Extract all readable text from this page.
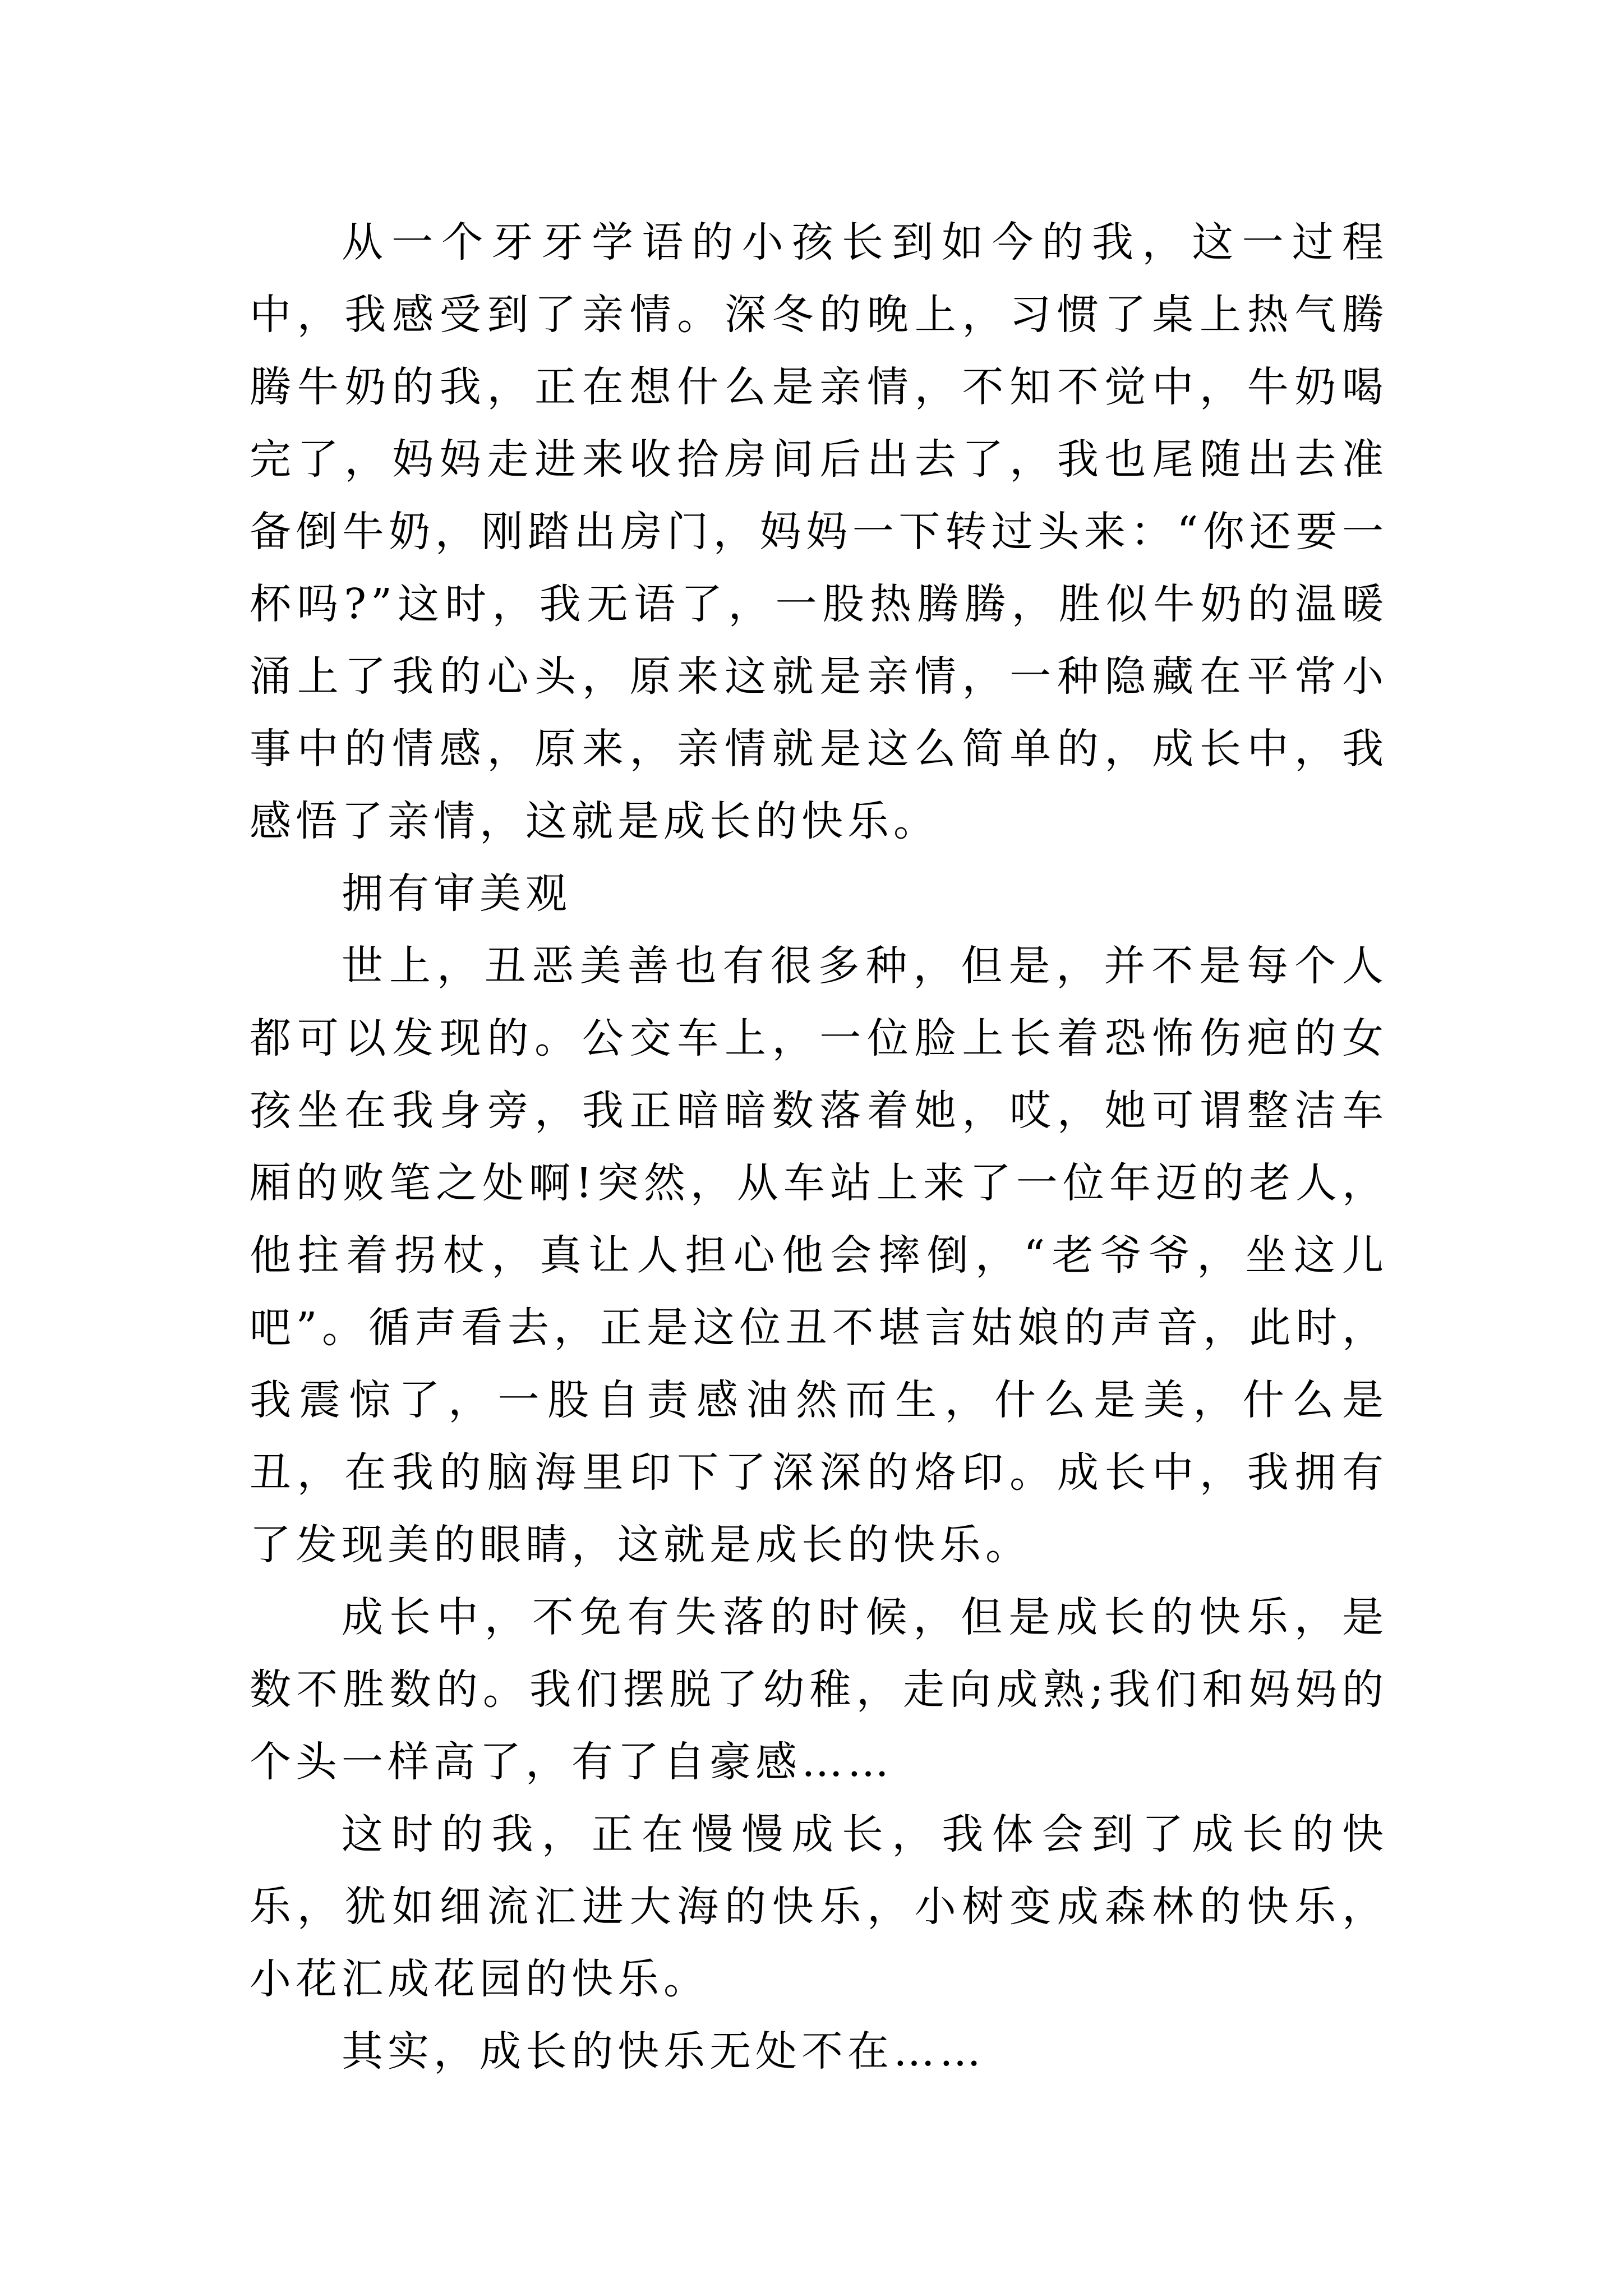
从一个牙牙学语的小孩长到如今的我，这一过程中，我感受到了亲情。深冬的晚上，习惯了桌上热气腾腾牛奶的我，正在想什么是亲情，不知不觉中，牛奶喝完了，妈妈走进来收拾房间后出去了，我也尾随出去准备倒牛奶，刚踏出房门，妈妈一下转过头来：“你还要一杯吗?”这时，我无语了，一股热腾腾，胜似牛奶的温暖涌上了我的心头，原来这就是亲情，一种隐藏在平常小事中的情感，原来，亲情就是这么简单的，成长中，我感悟了亲情，这就是成长的快乐。

拥有审美观

世上，丑恶美善也有很多种，但是，并不是每个人都可以发现的。公交车上，一位脸上长着恐怖伤疤的女孩坐在我身旁，我正暗暗数落着她，哎，她可谓整洁车厢的败笔之处啊!突然，从车站上来了一位年迈的老人，他拄着拐杖，真让人担心他会摔倒，“老爷爷，坐这儿吧”。循声看去，正是这位丑不堪言姑娘的声音，此时，我震惊了，一股自责感油然而生，什么是美，什么是丑，在我的脑海里印下了深深的烙印。成长中，我拥有了发现美的眼睛，这就是成长的快乐。

成长中，不免有失落的时候，但是成长的快乐，是数不胜数的。我们摆脱了幼稚，走向成熟;我们和妈妈的个头一样高了，有了自豪感……

这时的我，正在慢慢成长，我体会到了成长的快乐，犹如细流汇进大海的快乐，小树变成森林的快乐，小花汇成花园的快乐。

其实，成长的快乐无处不在……
